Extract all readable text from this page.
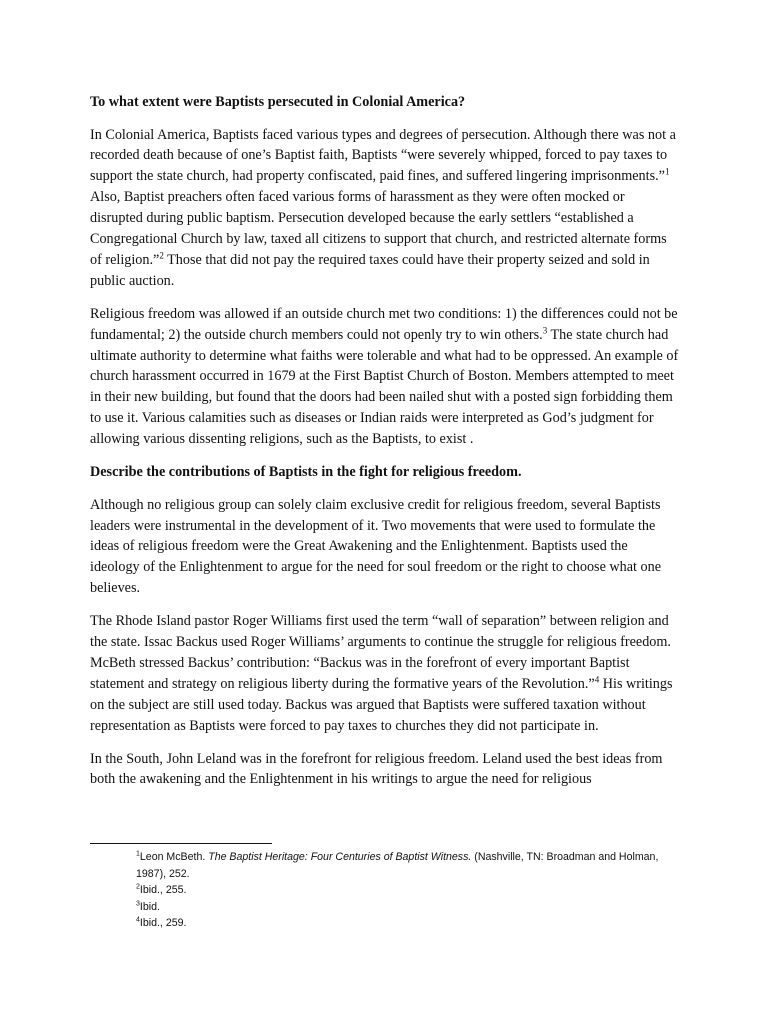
To what extent were Baptists persecuted in Colonial America?

In Colonial America, Baptists faced various types and degrees of persecution. Although there was not a recorded death because of one’s Baptist faith, Baptists “were severely whipped, forced to pay taxes to support the state church, had property confiscated, paid fines, and suffered lingering imprisonments.”$^1$ Also, Baptist preachers often faced various forms of harassment as they were often mocked or disrupted during public baptism. Persecution developed because the early settlers “established a Congregational Church by law, taxed all citizens to support that church, and restricted alternate forms of religion.”$^2$ Those that did not pay the required taxes could have their property seized and sold in public auction.

Religious freedom was allowed if an outside church met two conditions: 1) the differences could not be fundamental; 2) the outside church members could not openly try to win others.$^3$ The state church had ultimate authority to determine what faiths were tolerable and what had to be oppressed. An example of church harassment occurred in 1679 at the First Baptist Church of Boston. Members attempted to meet in their new building, but found that the doors had been nailed shut with a posted sign forbidding them to use it. Various calamities such as diseases or Indian raids were interpreted as God’s judgment for allowing various dissenting religions, such as the Baptists, to exist .

Describe the contributions of Baptists in the fight for religious freedom.

Although no religious group can solely claim exclusive credit for religious freedom, several Baptists leaders were instrumental in the development of it. Two movements that were used to formulate the ideas of religious freedom were the Great Awakening and the Enlightenment. Baptists used the ideology of the Enlightenment to argue for the need for soul freedom or the right to choose what one believes.

The Rhode Island pastor Roger Williams first used the term “wall of separation” between religion and the state. Issac Backus used Roger Williams’ arguments to continue the struggle for religious freedom. McBeth stressed Backus’ contribution: “Backus was in the forefront of every important Baptist statement and strategy on religious liberty during the formative years of the Revolution.”$^4$ His writings on the subject are still used today. Backus was argued that Baptists were suffered taxation without representation as Baptists were forced to pay taxes to churches they did not participate in.

In the South, John Leland was in the forefront for religious freedom. Leland used the best ideas from both the awakening and the Enlightenment in his writings to argue the need for religious

$^1$Leon McBeth. The Baptist Heritage: Four Centuries of Baptist Witness. (Nashville, TN: Broadman and Holman, 1987), 252.

$^2$Ibid., 255.

$^3$Ibid.

$^4$Ibid., 259.
